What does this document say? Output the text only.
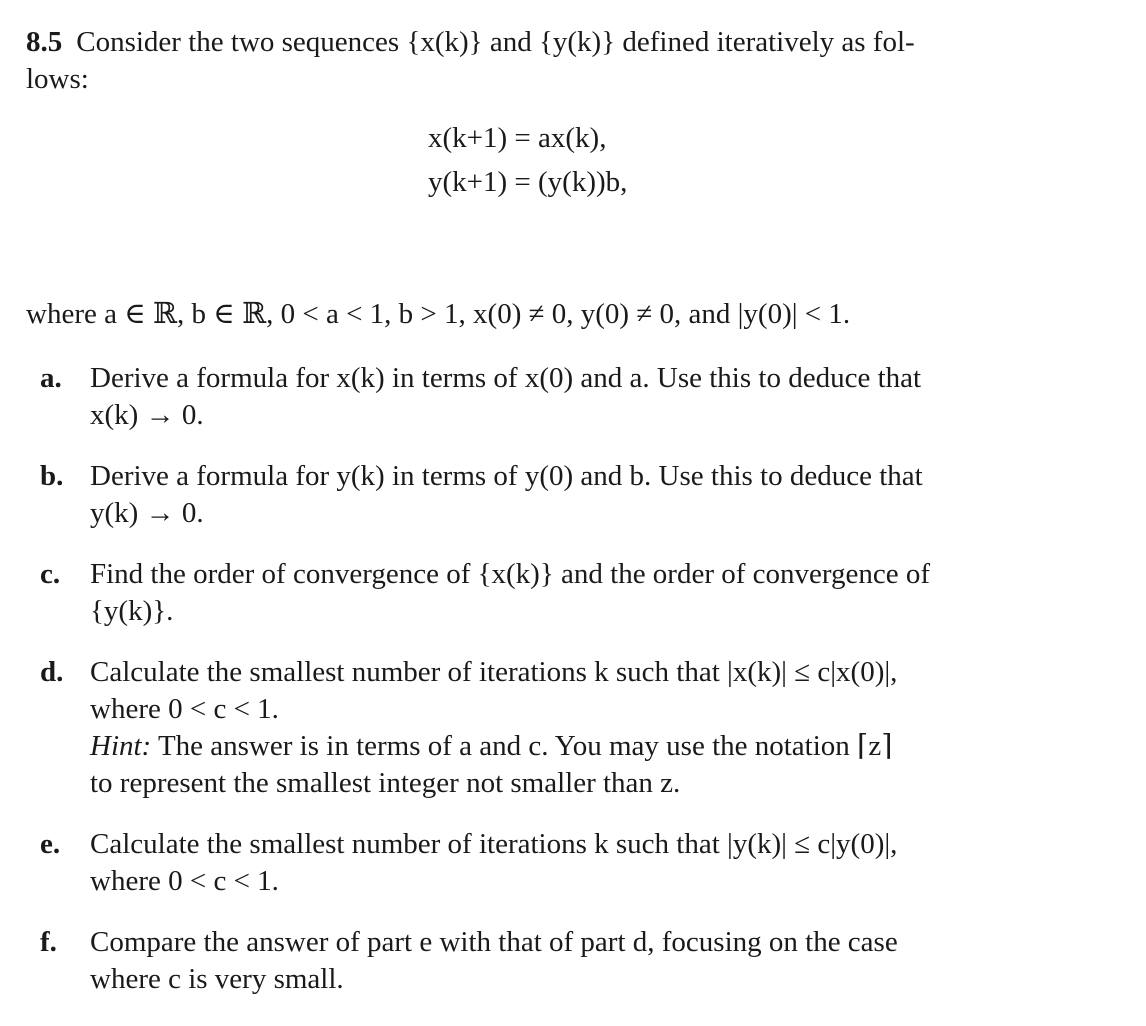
8.5 Consider the two sequences {x(k)} and {y(k)} defined iteratively as fol-
lows:

x(k+1) = ax(k),
y(k+1) = (y(k))b,
where a ∈ ℝ, b ∈ ℝ, 0 < a < 1, b > 1, x(0) ≠ 0, y(0) ≠ 0, and |y(0)| < 1.
a. Derive a formula for x(k) in terms of x(0) and a. Use this to deduce that
x(k) → 0.
b. Derive a formula for y(k) in terms of y(0) and b. Use this to deduce that
y(k) → 0.
c.	Find the order of convergence of {x(k)} and the order of convergence of
{y(k)}.
d. Calculate the smallest number of iterations k such that |x(k)| ≤ c|x(0)|,
where 0 < c < 1.
Hint: The answer is in terms of a and c. You may use the notation ⌈z⌉
to represent the smallest integer not smaller than z.
e.	Calculate the smallest number of iterations k such that |y(k)| ≤ c|y(0)|,
where 0 < c < 1.
f.	Compare the answer of part e with that of part d, focusing on the case
where c is very small.
